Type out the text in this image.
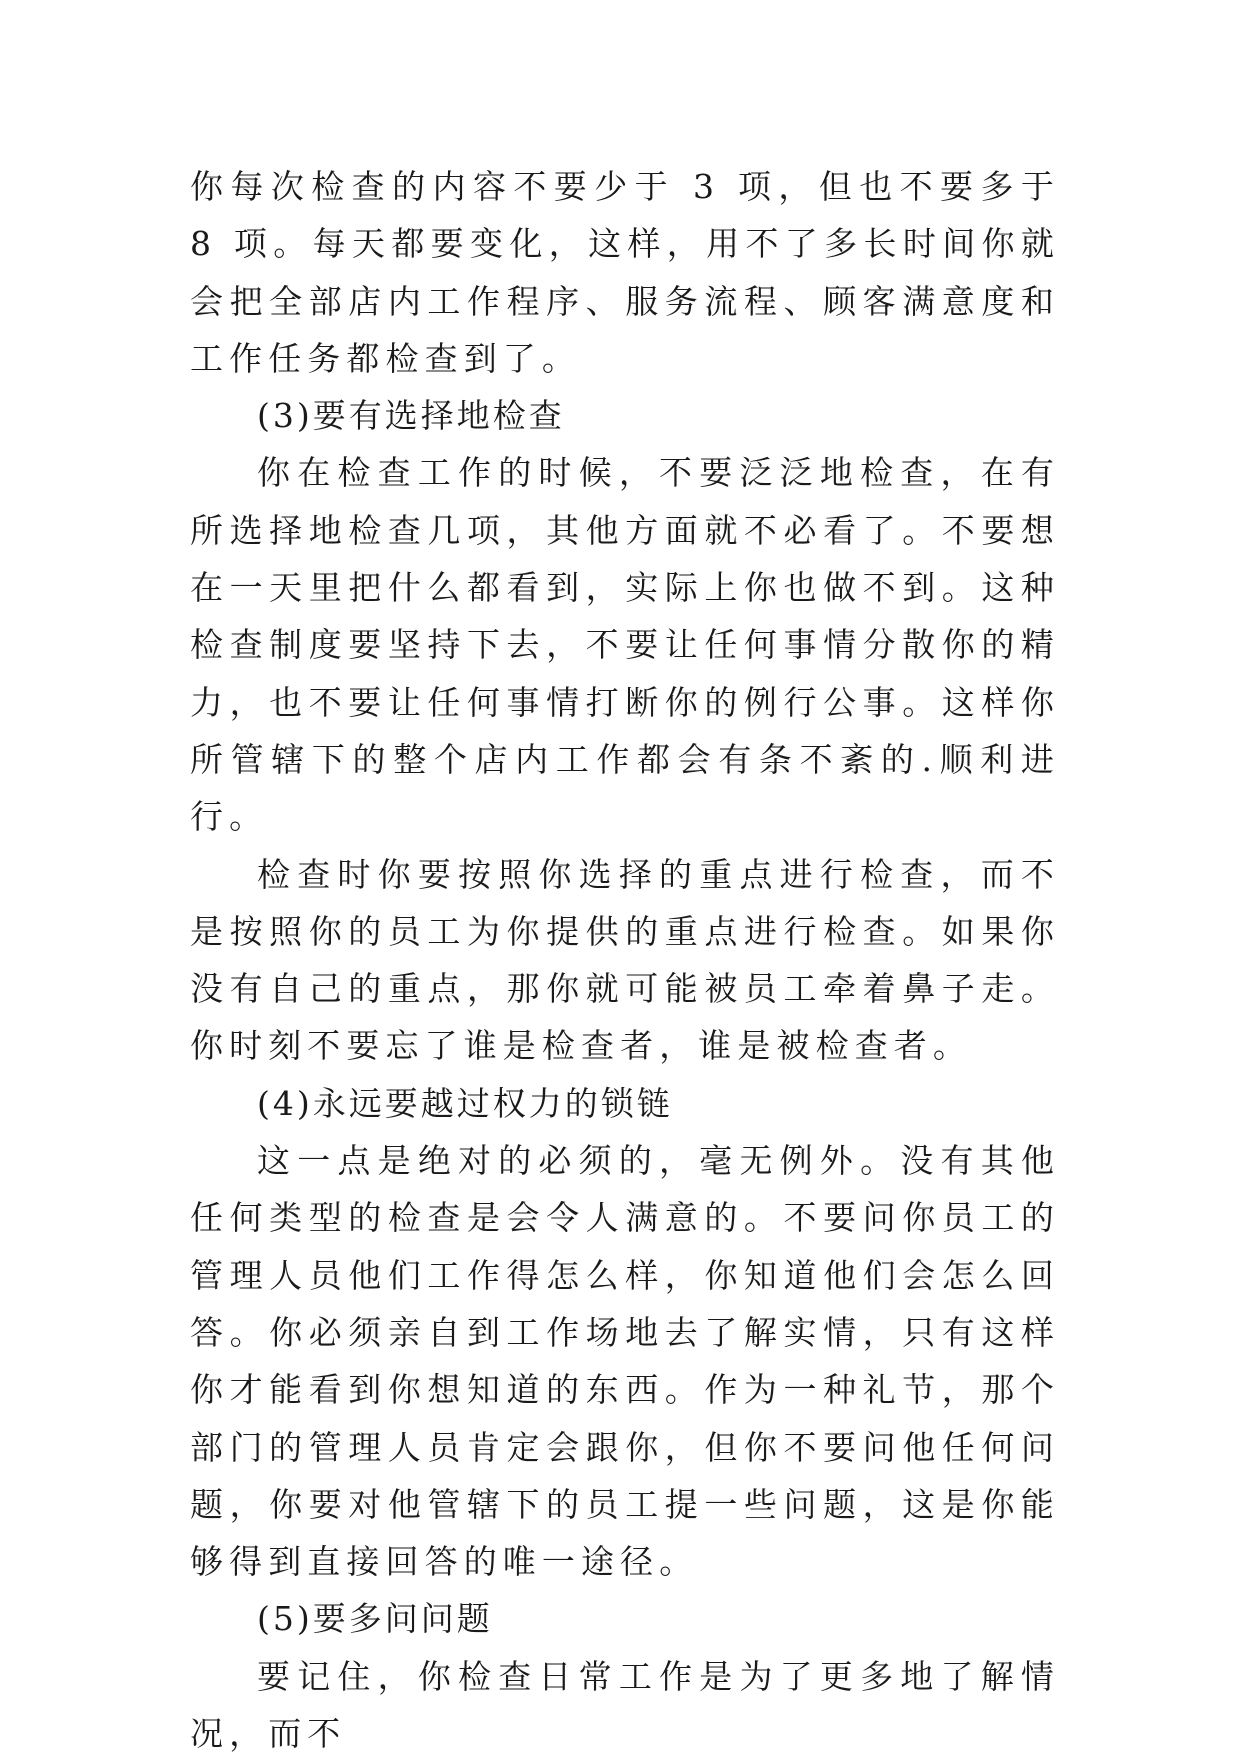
你每次检查的内容不要少于 3 项，但也不要多于 8 项。每天都要变化，这样，用不了多长时间你就会把全部店内工作程序、服务流程、顾客满意度和工作任务都检查到了。

(3)要有选择地检查

你在检查工作的时候，不要泛泛地检查，在有所选择地检查几项，其他方面就不必看了。不要想在一天里把什么都看到，实际上你也做不到。这种检查制度要坚持下去，不要让任何事情分散你的精力，也不要让任何事情打断你的例行公事。这样你所管辖下的整个店内工作都会有条不紊的.顺利进行。

检查时你要按照你选择的重点进行检查，而不是按照你的员工为你提供的重点进行检查。如果你没有自己的重点，那你就可能被员工牵着鼻子走。你时刻不要忘了谁是检查者，谁是被检查者。

(4)永远要越过权力的锁链

这一点是绝对的必须的，毫无例外。没有其他任何类型的检查是会令人满意的。不要问你员工的管理人员他们工作得怎么样，你知道他们会怎么回答。你必须亲自到工作场地去了解实情，只有这样你才能看到你想知道的东西。作为一种礼节，那个部门的管理人员肯定会跟你，但你不要问他任何问题，你要对他管辖下的员工提一些问题，这是你能够得到直接回答的唯一途径。

(5)要多问问题

要记住，你检查日常工作是为了更多地了解情况，而不
